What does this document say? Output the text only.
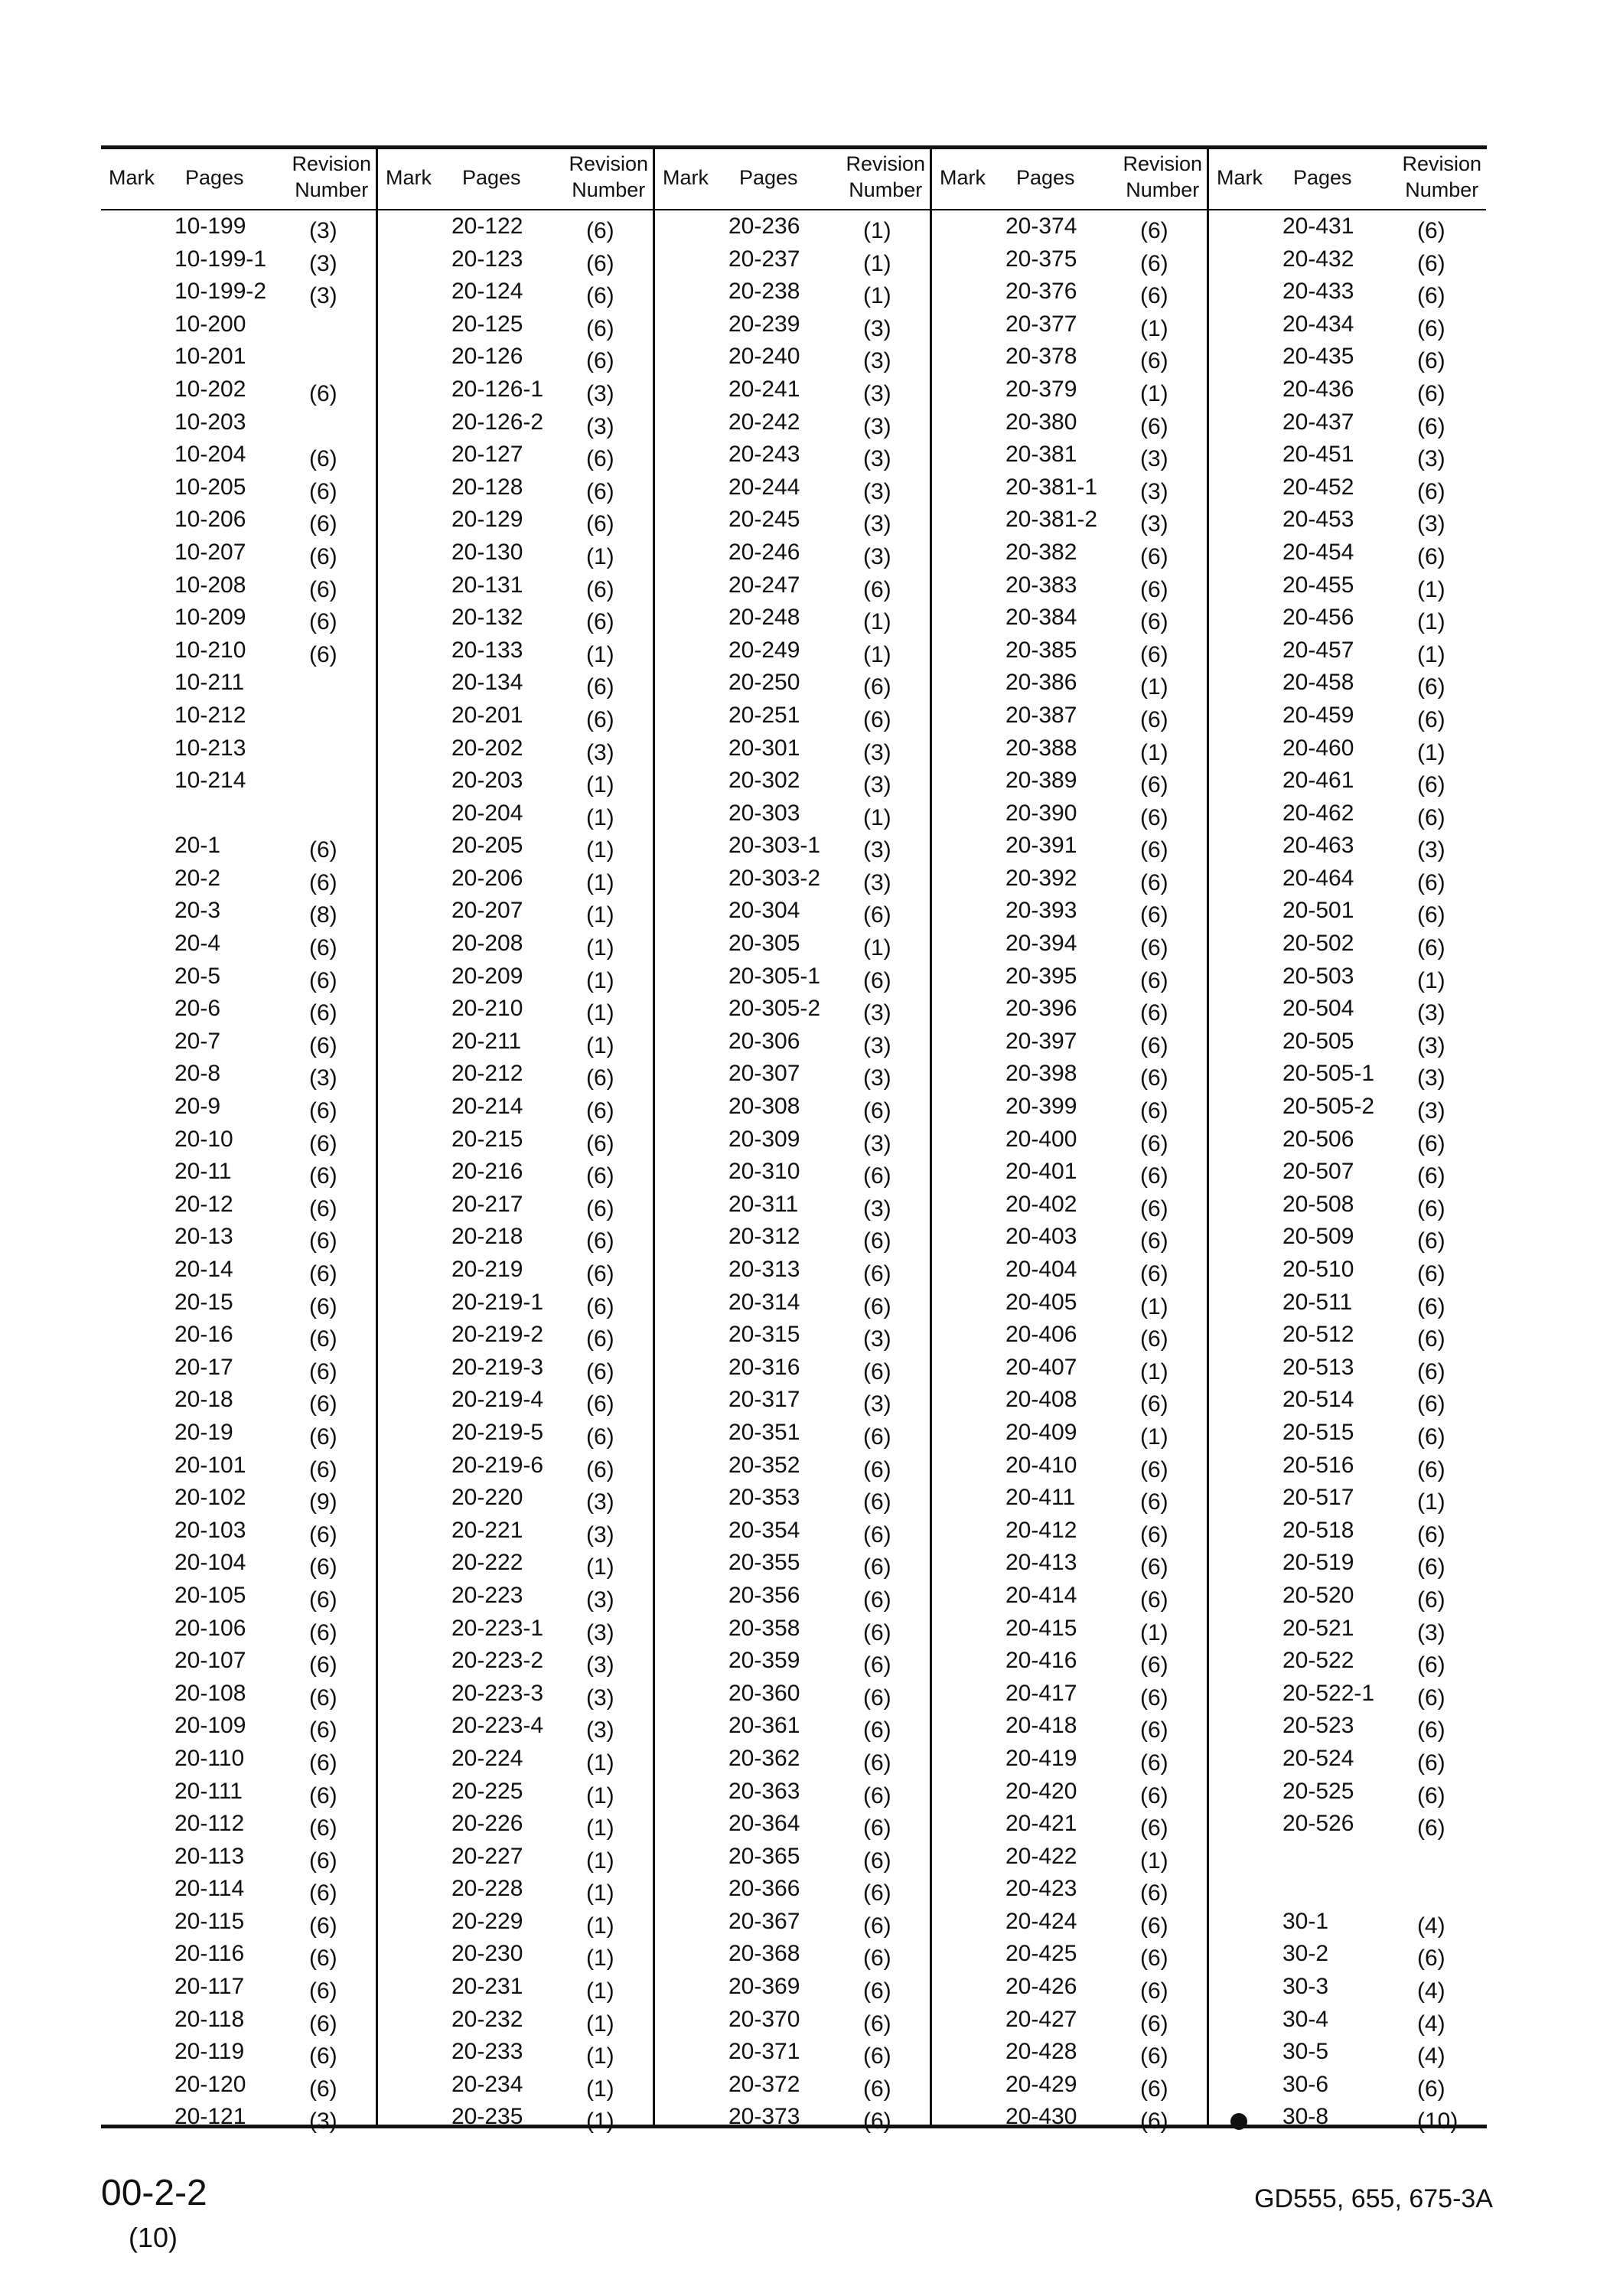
Mark Pages
Revision
Number
10-199	(3)
10-199-1 (3)
10-199-2 (3)
10-200
10-201
10-202	(6)
10-203
10-204	(6)
10-205	(6)
10-206	(6)
10-207	(6)
10-208	(6)
10-209	(6)
10-210	(6)
10-211
10-212
10-213
10-214
20-1	(6)
20-2	(6)
20-3	(8)
20-4	(6)
20-5	(6)
20-6	(6)
20-7	(6)
20-8	(3)
20-9	(6)
20-10	(6)
20-11	(6)
20-12	(6)
20-13	(6)
20-14	(6)
20-15	(6)
20-16	(6)
20-17	(6)
20-18	(6)
20-19	(6)
20-101	(6)
20-102	(9)
20-103	(6)
20-104	(6)
20-105	(6)
20-106	(6)
20-107	(6)
20-108	(6)
20-109	(6)
20-110	(6)
20-111	(6)
20-112	(6)
20-113	(6)
20-114	(6)
20-115	(6)
20-116	(6)
20-117	(6)
20-118	(6)
20-119	(6)
20-120	(6)
20-121	(3)
Mark Pages
Revision
Number
20-122	(6)
20-123	(6)
20-124	(6)
20-125	(6)
20-126	(6)
20-126-1 (3)
20-126-2 (3)
20-127	(6)
20-128	(6)
20-129	(6)
20-130	(1)
20-131	(6)
20-132	(6)
20-133	(1)
20-134	(6)
20-201	(6)
20-202	(3)
20-203	(1)
20-204	(1)
20-205	(1)
20-206	(1)
20-207	(1)
20-208	(1)
20-209	(1)
20-210	(1)
20-211	(1)
20-212	(6)
20-214	(6)
20-215	(6)
20-216	(6)
20-217	(6)
20-218	(6)
20-219	(6)
20-219-1 (6)
20-219-2 (6)
20-219-3 (6)
20-219-4 (6)
20-219-5 (6)
20-219-6 (6)
20-220	(3)
20-221	(3)
20-222	(1)
20-223	(3)
20-223-1 (3)
20-223-2 (3)
20-223-3 (3)
20-223-4 (3)
20-224	(1)
20-225	(1)
20-226	(1)
20-227	(1)
20-228	(1)
20-229	(1)
20-230	(1)
20-231	(1)
20-232	(1)
20-233	(1)
20-234	(1)
20-235	(1)
Mark Pages
Revision
Number
20-236	(1)
20-237	(1)
20-238	(1)
20-239	(3)
20-240	(3)
20-241	(3)
20-242	(3)
20-243	(3)
20-244	(3)
20-245	(3)
20-246	(3)
20-247	(6)
20-248	(1)
20-249	(1)
20-250	(6)
20-251	(6)
20-301	(3)
20-302	(3)
20-303	(1)
20-303-1 (3)
20-303-2 (3)
20-304	(6)
20-305	(1)
20-305-1 (6)
20-305-2 (3)
20-306	(3)
20-307	(3)
20-308	(6)
20-309	(3)
20-310	(6)
20-311	(3)
20-312	(6)
20-313	(6)
20-314	(6)
20-315	(3)
20-316	(6)
20-317	(3)
20-351	(6)
20-352	(6)
20-353	(6)
20-354	(6)
20-355	(6)
20-356	(6)
20-358	(6)
20-359	(6)
20-360	(6)
20-361	(6)
20-362	(6)
20-363	(6)
20-364	(6)
20-365	(6)
20-366	(6)
20-367	(6)
20-368	(6)
20-369	(6)
20-370	(6)
20-371	(6)
20-372	(6)
20-373	(6)
Mark Pages
Revision
Number
20-374	(6)
20-375	(6)
20-376	(6)
20-377	(1)
20-378	(6)
20-379	(1)
20-380	(6)
20-381	(3)
20-381-1 (3)
20-381-2 (3)
20-382	(6)
20-383	(6)
20-384	(6)
20-385	(6)
20-386	(1)
20-387	(6)
20-388	(1)
20-389	(6)
20-390	(6)
20-391	(6)
20-392	(6)
20-393	(6)
20-394	(6)
20-395	(6)
20-396	(6)
20-397	(6)
20-398	(6)
20-399	(6)
20-400	(6)
20-401	(6)
20-402	(6)
20-403	(6)
20-404	(6)
20-405	(1)
20-406	(6)
20-407	(1)
20-408	(6)
20-409	(1)
20-410	(6)
20-411	(6)
20-412	(6)
20-413	(6)
20-414	(6)
20-415	(1)
20-416	(6)
20-417	(6)
20-418	(6)
20-419	(6)
20-420	(6)
20-421	(6)
20-422	(1)
20-423	(6)
20-424	(6)
20-425	(6)
20-426	(6)
20-427	(6)
20-428	(6)
20-429	(6)
20-430	(6)
Mark Pages
Revision
Number
20-431	(6)
20-432	(6)
20-433	(6)
20-434	(6)
20-435	(6)
20-436	(6)
20-437	(6)
20-451	(3)
20-452	(6)
20-453	(3)
20-454	(6)
20-455	(1)
20-456	(1)
20-457	(1)
20-458	(6)
20-459	(6)
20-460	(1)
20-461	(6)
20-462	(6)
20-463	(3)
20-464	(6)
20-501	(6)
20-502	(6)
20-503	(1)
20-504	(3)
20-505	(3)
20-505-1 (3)
20-505-2 (3)
20-506	(6)
20-507	(6)
20-508	(6)
20-509	(6)
20-510	(6)
20-511	(6)
20-512	(6)
20-513	(6)
20-514	(6)
20-515	(6)
20-516	(6)
20-517	(1)
20-518	(6)
20-519	(6)
20-520	(6)
20-521	(3)
20-522	(6)
20-522-1 (6)
20-523	(6)
20-524	(6)
20-525	(6)
20-526	(6)
30-1	(4)
30-2	(6)
30-3	(4)
30-4	(4)
30-5	(4)
30-6	(6)
30-8	(10)
00-2-2
(10)
GD555, 655, 675-3A
